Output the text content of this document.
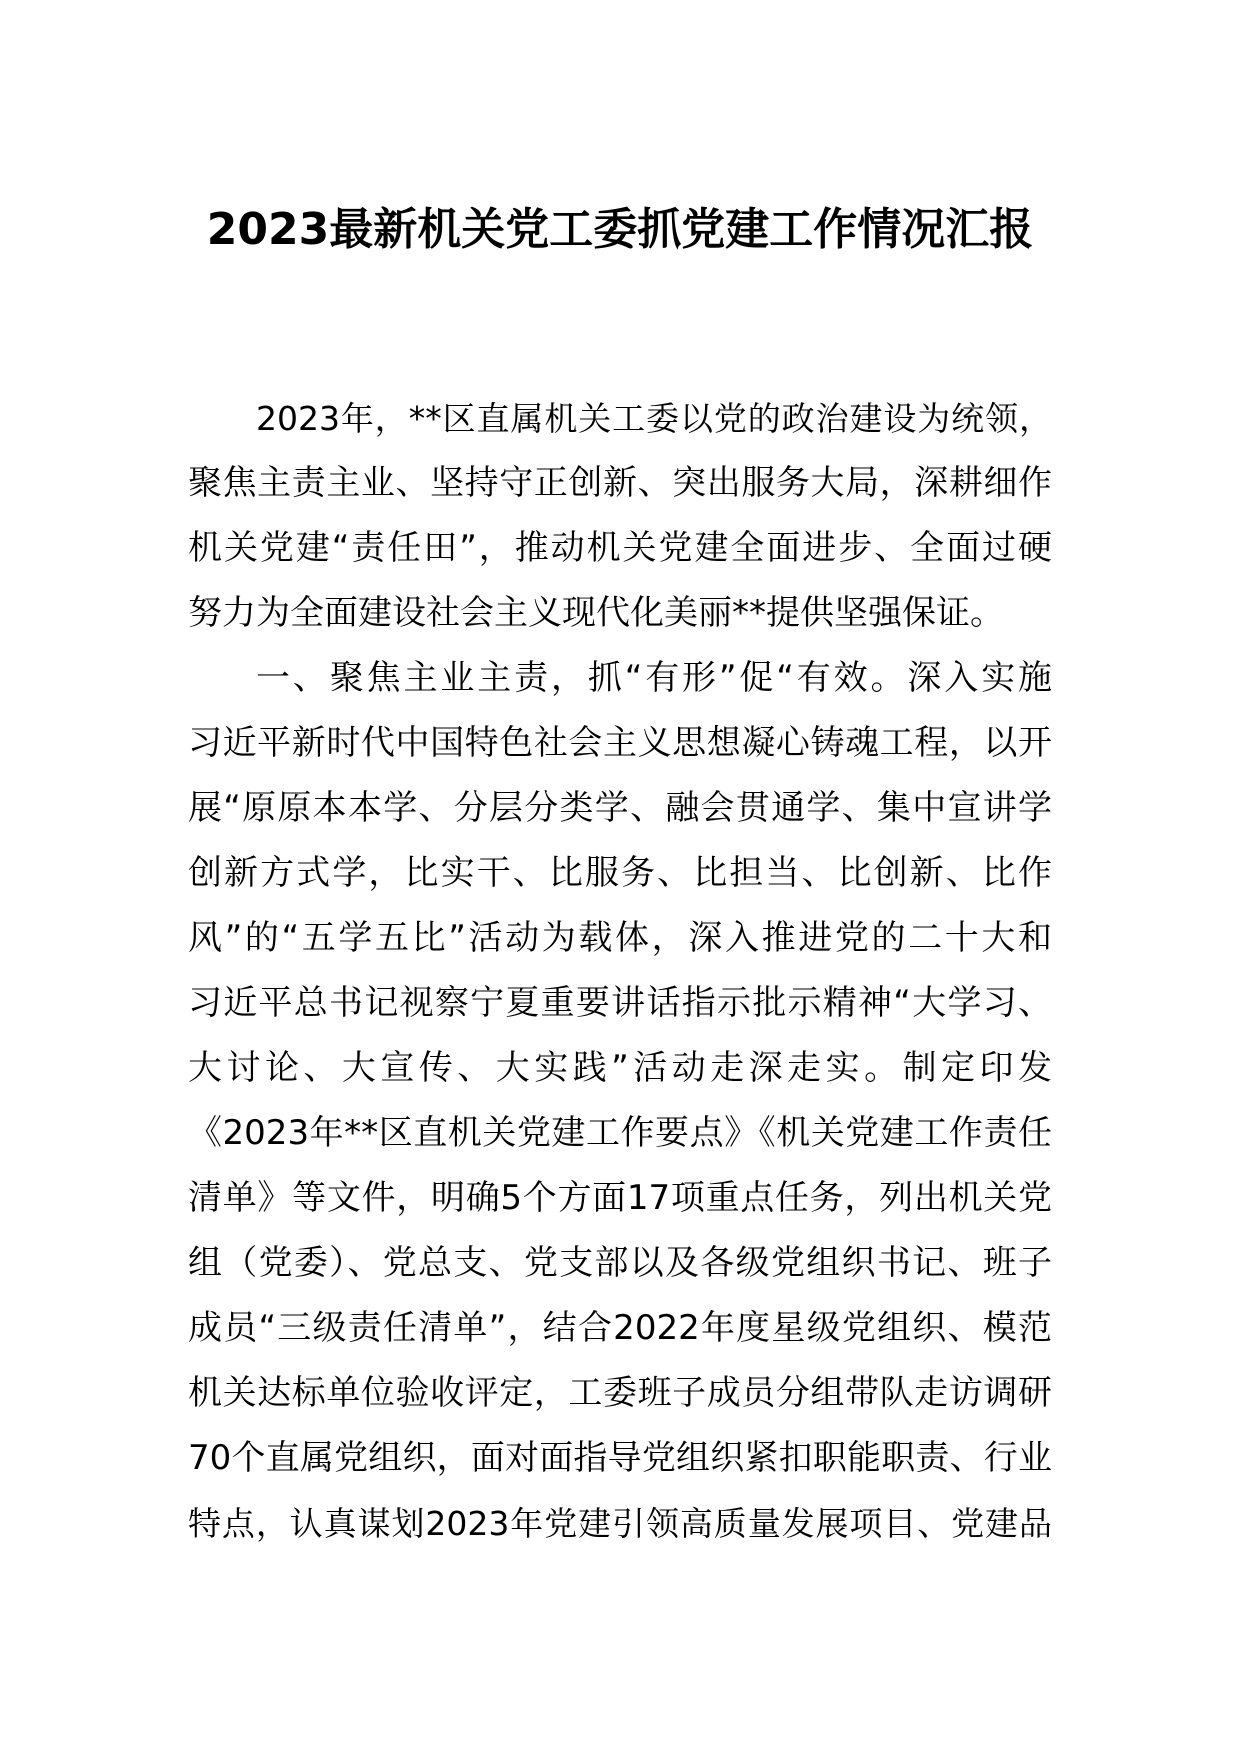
2023最新机关党工委抓党建工作情况汇报
2023年，**区直属机关工委以党的政治建设为统领，
聚焦主责主业、坚持守正创新、突出服务大局，深耕细作
机关党建“责任田”，推动机关党建全面进步、全面过硬
努力为全面建设社会主义现代化美丽**提供坚强保证。
一、聚焦主业主责，抓“有形”促“有效。深入实施
习近平新时代中国特色社会主义思想凝心铸魂工程，以开
展“原原本本学、分层分类学、融会贯通学、集中宣讲学
创新方式学，比实干、比服务、比担当、比创新、比作
风”的“五学五比”活动为载体，深入推进党的二十大和
习近平总书记视察宁夏重要讲话指示批示精神“大学习、
大讨论、大宣传、大实践”活动走深走实。制定印发
《2023年**区直机关党建工作要点》《机关党建工作责任
清单》等文件，明确5个方面17项重点任务，列出机关党
组（党委）、党总支、党支部以及各级党组织书记、班子
成员“三级责任清单”，结合2022年度星级党组织、模范
机关达标单位验收评定，工委班子成员分组带队走访调研
70个直属党组织，面对面指导党组织紧扣职能职责、行业
特点，认真谋划2023年党建引领高质量发展项目、党建品
